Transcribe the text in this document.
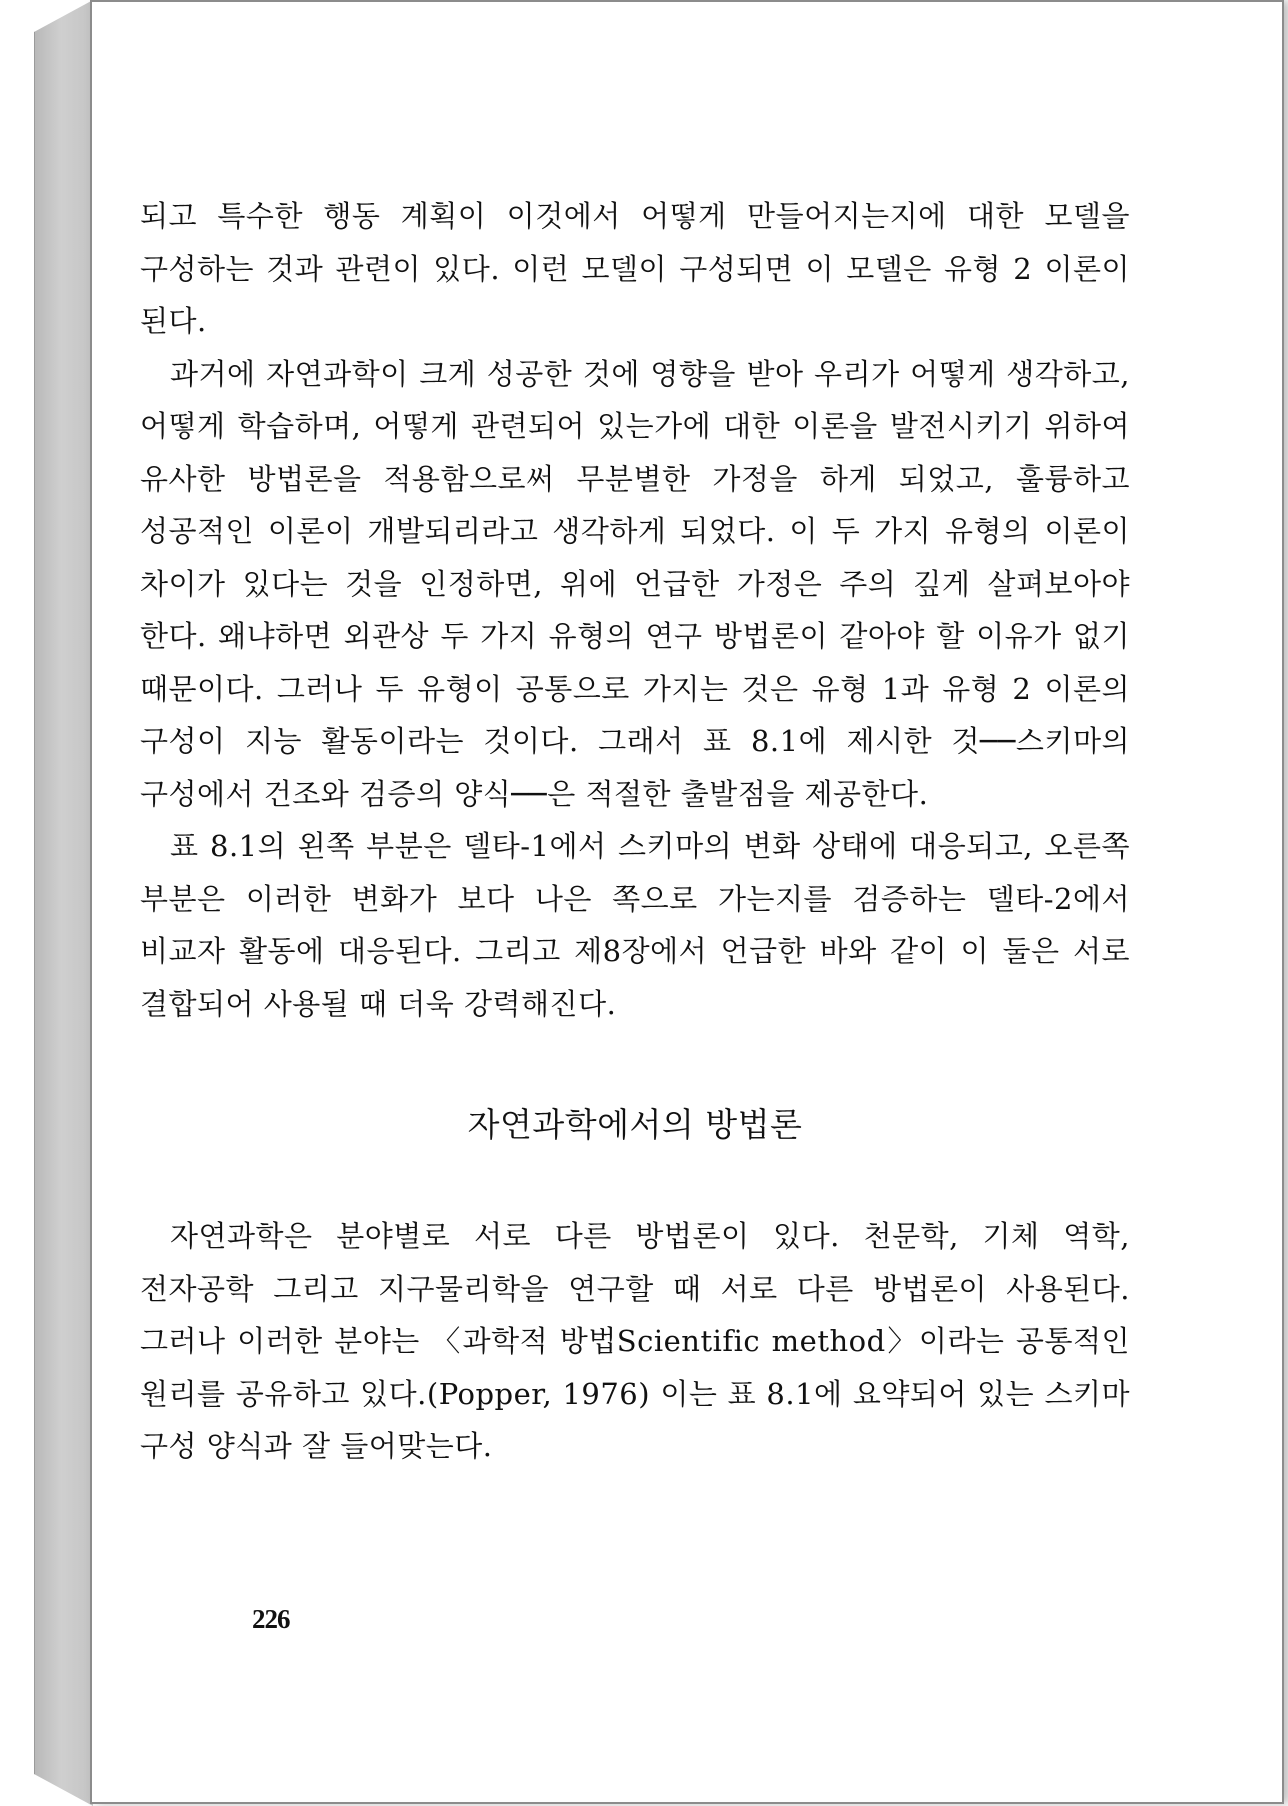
되고 특수한 행동 계획이 이것에서 어떻게 만들어지는지에 대한 모델을 구성하는 것과 관련이 있다. 이런 모델이 구성되면 이 모델은 유형 2 이론이 된다.

과거에 자연과학이 크게 성공한 것에 영향을 받아 우리가 어떻게 생각하고, 어떻게 학습하며, 어떻게 관련되어 있는가에 대한 이론을 발전시키기 위하여 유사한 방법론을 적용함으로써 무분별한 가정을 하게 되었고, 훌륭하고 성공적인 이론이 개발되리라고 생각하게 되었다. 이 두 가지 유형의 이론이 차이가 있다는 것을 인정하면, 위에 언급한 가정은 주의 깊게 살펴보아야 한다. 왜냐하면 외관상 두 가지 유형의 연구 방법론이 같아야 할 이유가 없기 때문이다. 그러나 두 유형이 공통으로 가지는 것은 유형 1과 유형 2 이론의 구성이 지능 활동이라는 것이다. 그래서 표 8.1에 제시한 것──스키마의 구성에서 건조와 검증의 양식──은 적절한 출발점을 제공한다.

표 8.1의 왼쪽 부분은 델타-1에서 스키마의 변화 상태에 대응되고, 오른쪽 부분은 이러한 변화가 보다 나은 쪽으로 가는지를 검증하는 델타-2에서 비교자 활동에 대응된다. 그리고 제8장에서 언급한 바와 같이 이 둘은 서로 결합되어 사용될 때 더욱 강력해진다.

자연과학에서의 방법론

자연과학은 분야별로 서로 다른 방법론이 있다. 천문학, 기체 역학, 전자공학 그리고 지구물리학을 연구할 때 서로 다른 방법론이 사용된다. 그러나 이러한 분야는 〈과학적 방법Scientific method〉이라는 공통적인 원리를 공유하고 있다.(Popper, 1976) 이는 표 8.1에 요약되어 있는 스키마 구성 양식과 잘 들어맞는다.

226
